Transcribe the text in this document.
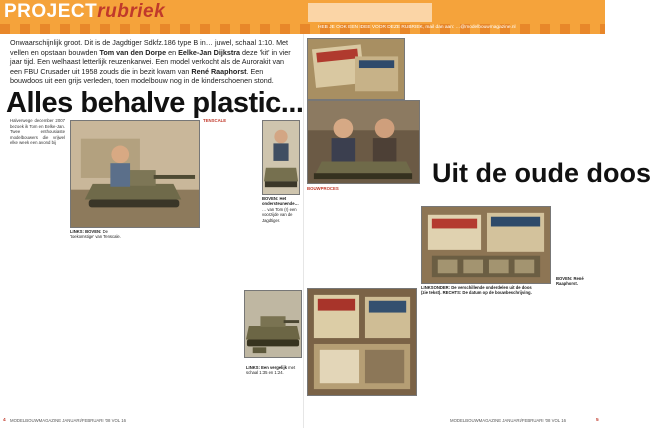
PROJECTrubriek
HEB JE OOK EEN IDEE VOOR DEZE RUBRIEK, mail dan aan: …@modelbouwmagazine.nl

Onwaarschijnlijk groot. Dit is de Jagdtiger Sdkfz.186 type B in… juwel, schaal 1:10. Met vellen en opstaan bouwden Tom van den Dorpe en Eelke-Jan Dijkstra deze 'kit' in vier jaar tijd. Een welhaast letterlijk reuzenkarwei. Een model verkocht als de Aurorakit van een FBU Crusader uit 1958 zouds die in bezit kwam van René Raaphorst. Een bouwdoos uit een grijs verleden, toen modelbouw nog in de kinderschoenen stond.

Alles behalve plastic...
Halverwege december 2007 bezoek ik Tom en Eelke-Jan. Twee enthousiaste modelbouwers die vrijwel elke week een avond bij
LINKS: BOVEN: De 'toekomstige' van Tenscale.
TENSCALE
BOVEN: Het ondersteunende… … van Tom (r) een voorzijde van de Jagdtiger.
LINKS: Een vergelijk met schaal 1:35 en 1:24.
4 MODELBOUWMAGAZINE JANUARI/FEBRUARI '08 VOL 16
BOUWPROCES
Uit de oude doos
LINKSONDER: De verschillende onderdelen uit de doos (zie tekst). RECHTS: De datum op de bouwbeschrijving.
BOVEN: René Raaphorst.
MODELBOUWMAGAZINE JANUARI/FEBRUARI '08 VOL 16	5
